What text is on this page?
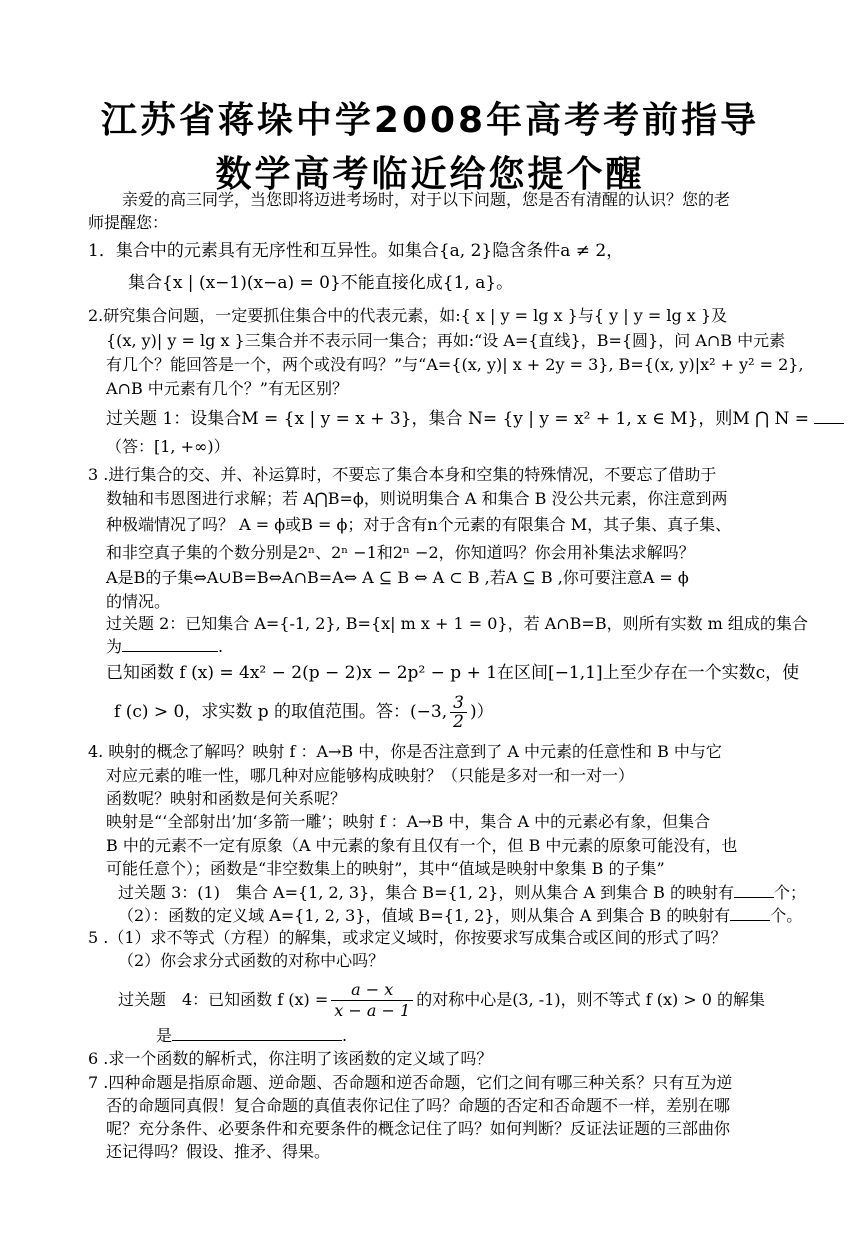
江苏省蒋垛中学2008年高考考前指导
数学高考临近给您提个醒
亲爱的高三同学，当您即将迈进考场时，对于以下问题，您是否有清醒的认识？您的老
师提醒您：
1．集合中的元素具有无序性和互异性。如集合{a, 2}隐含条件a ≠ 2，
集合{x | (x−1)(x−a) = 0}不能直接化成{1, a}。
2.研究集合问题，一定要抓住集合中的代表元素，如:{ x | y = lg x }与{ y | y = lg x }及
{(x, y)| y = lg x }三集合并不表示同一集合；再如:“设 A={直线}，B={圆}，问 A∩B 中元素
有几个？能回答是一个，两个或没有吗？”与“A={(x, y)| x + 2y = 3}, B={(x, y)|x² + y² = 2},
A∩B 中元素有几个？”有无区别？
过关题 1：设集合M = {x | y = x + 3}，集合 N= {y | y = x² + 1, x ∈ M}，则M ⋂ N =
（答：[1, +∞)）
3 .进行集合的交、并、补运算时，不要忘了集合本身和空集的特殊情况，不要忘了借助于
数轴和韦恩图进行求解；若 A⋂B=ϕ，则说明集合 A 和集合 B 没公共元素，你注意到两
种极端情况了吗？ A = ϕ或B = ϕ；对于含有n个元素的有限集合 M，其子集、真子集、
和非空真子集的个数分别是2ⁿ、2ⁿ −1和2ⁿ −2，你知道吗？你会用补集法求解吗？
A是B的子集⇔A∪B=B⇔A∩B=A⇔ A ⊆ B ⇔ A ⊂ B ,若A ⊆ B ,你可要注意A = ϕ
的情况。
过关题 2：已知集合 A={-1, 2}, B={x| m x + 1 = 0}，若 A∩B=B，则所有实数 m 组成的集合
为	.
已知函数 f (x) = 4x² − 2(p − 2)x − 2p² − p + 1在区间[−1,1]上至少存在一个实数c，使
f (c) > 0，求实数 p 的取值范围。答：(−3, $\frac{3}{2}$ )）
4. 映射的概念了解吗？映射 f ：A→B 中，你是否注意到了 A 中元素的任意性和 B 中与它
对应元素的唯一性，哪几种对应能够构成映射？（只能是多对一和一对一）
函数呢？映射和函数是何关系呢？
映射是“‘全部射出’加‘多箭一雕’；映射 f ：A→B 中，集合 A 中的元素必有象，但集合
B 中的元素不一定有原象（A 中元素的象有且仅有一个，但 B 中元素的原象可能没有，也
可能任意个）；函数是“非空数集上的映射”，其中“值域是映射中象集 B 的子集”
过关题 3：(1)　集合 A={1, 2, 3}，集合 B={1, 2}，则从集合 A 到集合 B 的映射有	个；
（2）：函数的定义域 A={1, 2, 3}，值域 B={1, 2}，则从集合 A 到集合 B 的映射有	个。
5 .（1）求不等式（方程）的解集，或求定义域时，你按要求写成集合或区间的形式了吗？
（2）你会求分式函数的对称中心吗？
过关题　4：已知函数 f $(x) = \frac{a - x}{x - a - 1}$ 的对称中心是(3, -1)，则不等式 f (x) > 0 的解集
是	.
6 .求一个函数的解析式，你注明了该函数的定义域了吗？
7 .四种命题是指原命题、逆命题、否命题和逆否命题，它们之间有哪三种关系？只有互为逆
否的命题同真假！复合命题的真值表你记住了吗？命题的否定和否命题不一样，差别在哪
呢？充分条件、必要条件和充要条件的概念记住了吗？如何判断？反证法证题的三部曲你
还记得吗？假设、推矛、得果。
